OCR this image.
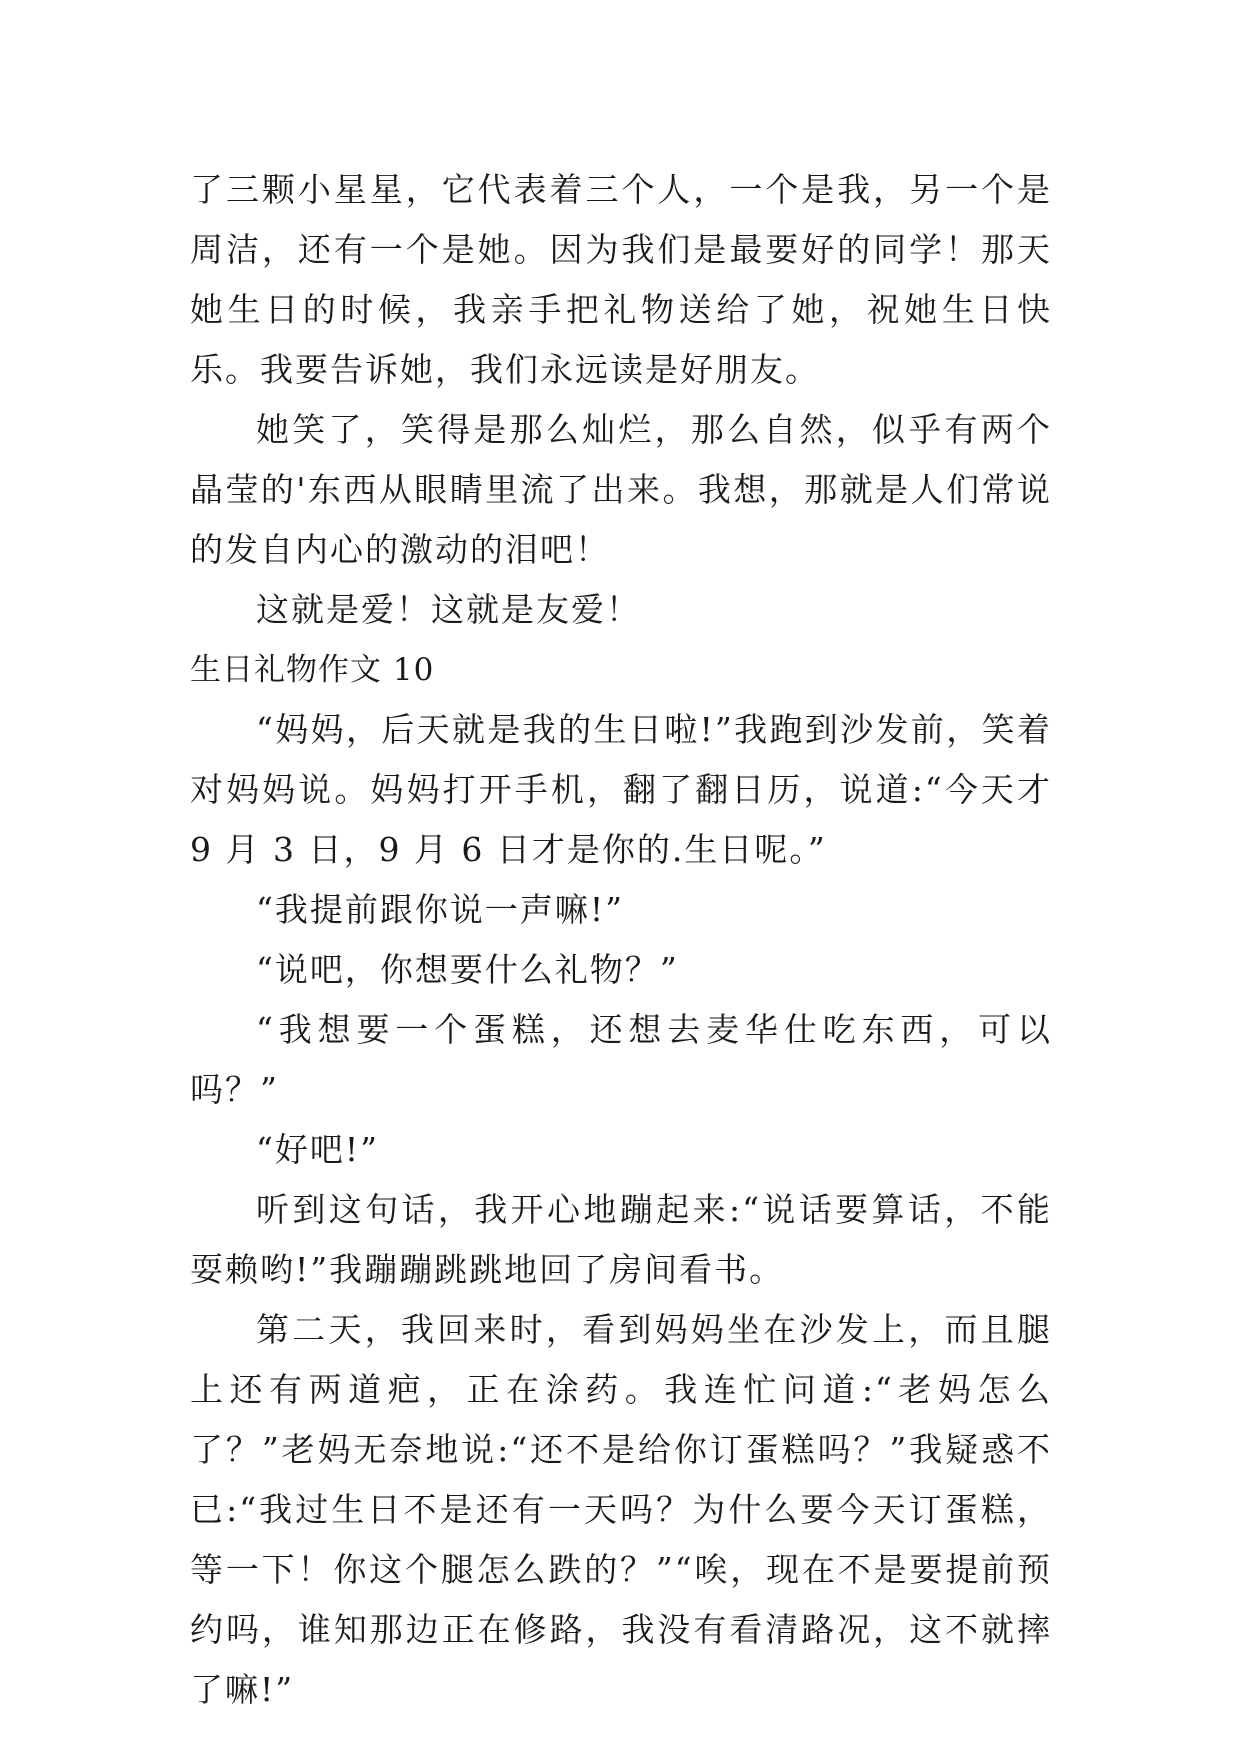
了三颗小星星，它代表着三个人，一个是我，另一个是周洁，还有一个是她。因为我们是最要好的同学！那天她生日的时候，我亲手把礼物送给了她，祝她生日快乐。我要告诉她，我们永远读是好朋友。

她笑了，笑得是那么灿烂，那么自然，似乎有两个晶莹的'东西从眼睛里流了出来。我想，那就是人们常说的发自内心的激动的泪吧！

这就是爱！这就是友爱！

生日礼物作文 10

“妈妈，后天就是我的生日啦!”我跑到沙发前，笑着对妈妈说。妈妈打开手机，翻了翻日历，说道:“今天才 9 月 3 日，9 月 6 日才是你的.生日呢。”

“我提前跟你说一声嘛!”

“说吧，你想要什么礼物？”

“我想要一个蛋糕，还想去麦华仕吃东西，可以吗？”

“好吧!”

听到这句话，我开心地蹦起来:“说话要算话，不能耍赖哟!”我蹦蹦跳跳地回了房间看书。

第二天，我回来时，看到妈妈坐在沙发上，而且腿上还有两道疤，正在涂药。我连忙问道:“老妈怎么了？”老妈无奈地说:“还不是给你订蛋糕吗？”我疑惑不已:“我过生日不是还有一天吗？为什么要今天订蛋糕，等一下！你这个腿怎么跌的？”“唉，现在不是要提前预约吗，谁知那边正在修路，我没有看清路况，这不就摔了嘛!”
